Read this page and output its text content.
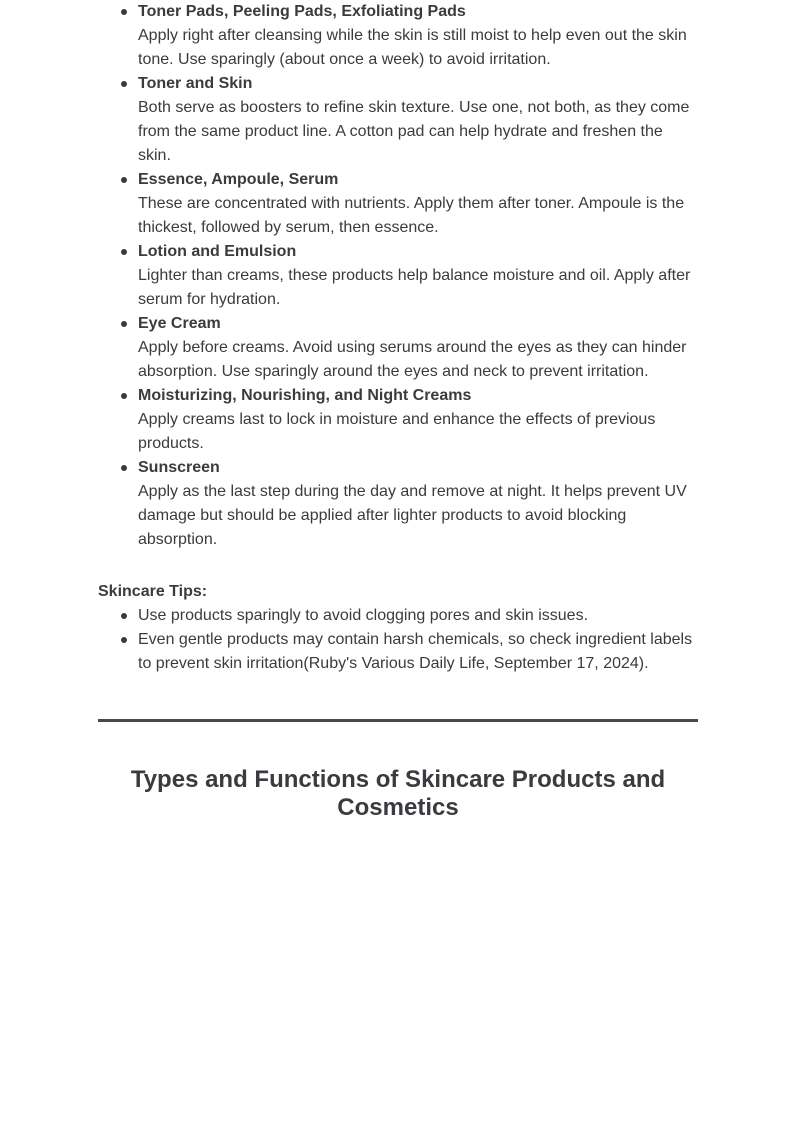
Toner Pads, Peeling Pads, Exfoliating Pads
Apply right after cleansing while the skin is still moist to help even out the skin tone. Use sparingly (about once a week) to avoid irritation.
Toner and Skin
Both serve as boosters to refine skin texture. Use one, not both, as they come from the same product line. A cotton pad can help hydrate and freshen the skin.
Essence, Ampoule, Serum
These are concentrated with nutrients. Apply them after toner. Ampoule is the thickest, followed by serum, then essence.
Lotion and Emulsion
Lighter than creams, these products help balance moisture and oil. Apply after serum for hydration.
Eye Cream
Apply before creams. Avoid using serums around the eyes as they can hinder absorption. Use sparingly around the eyes and neck to prevent irritation.
Moisturizing, Nourishing, and Night Creams
Apply creams last to lock in moisture and enhance the effects of previous products.
Sunscreen
Apply as the last step during the day and remove at night. It helps prevent UV damage but should be applied after lighter products to avoid blocking absorption.

Skincare Tips:

Use products sparingly to avoid clogging pores and skin issues.
Even gentle products may contain harsh chemicals, so check ingredient labels to prevent skin irritation(Ruby's Various Daily Life, September 17, 2024).
Types and Functions of Skincare Products and Cosmetics
